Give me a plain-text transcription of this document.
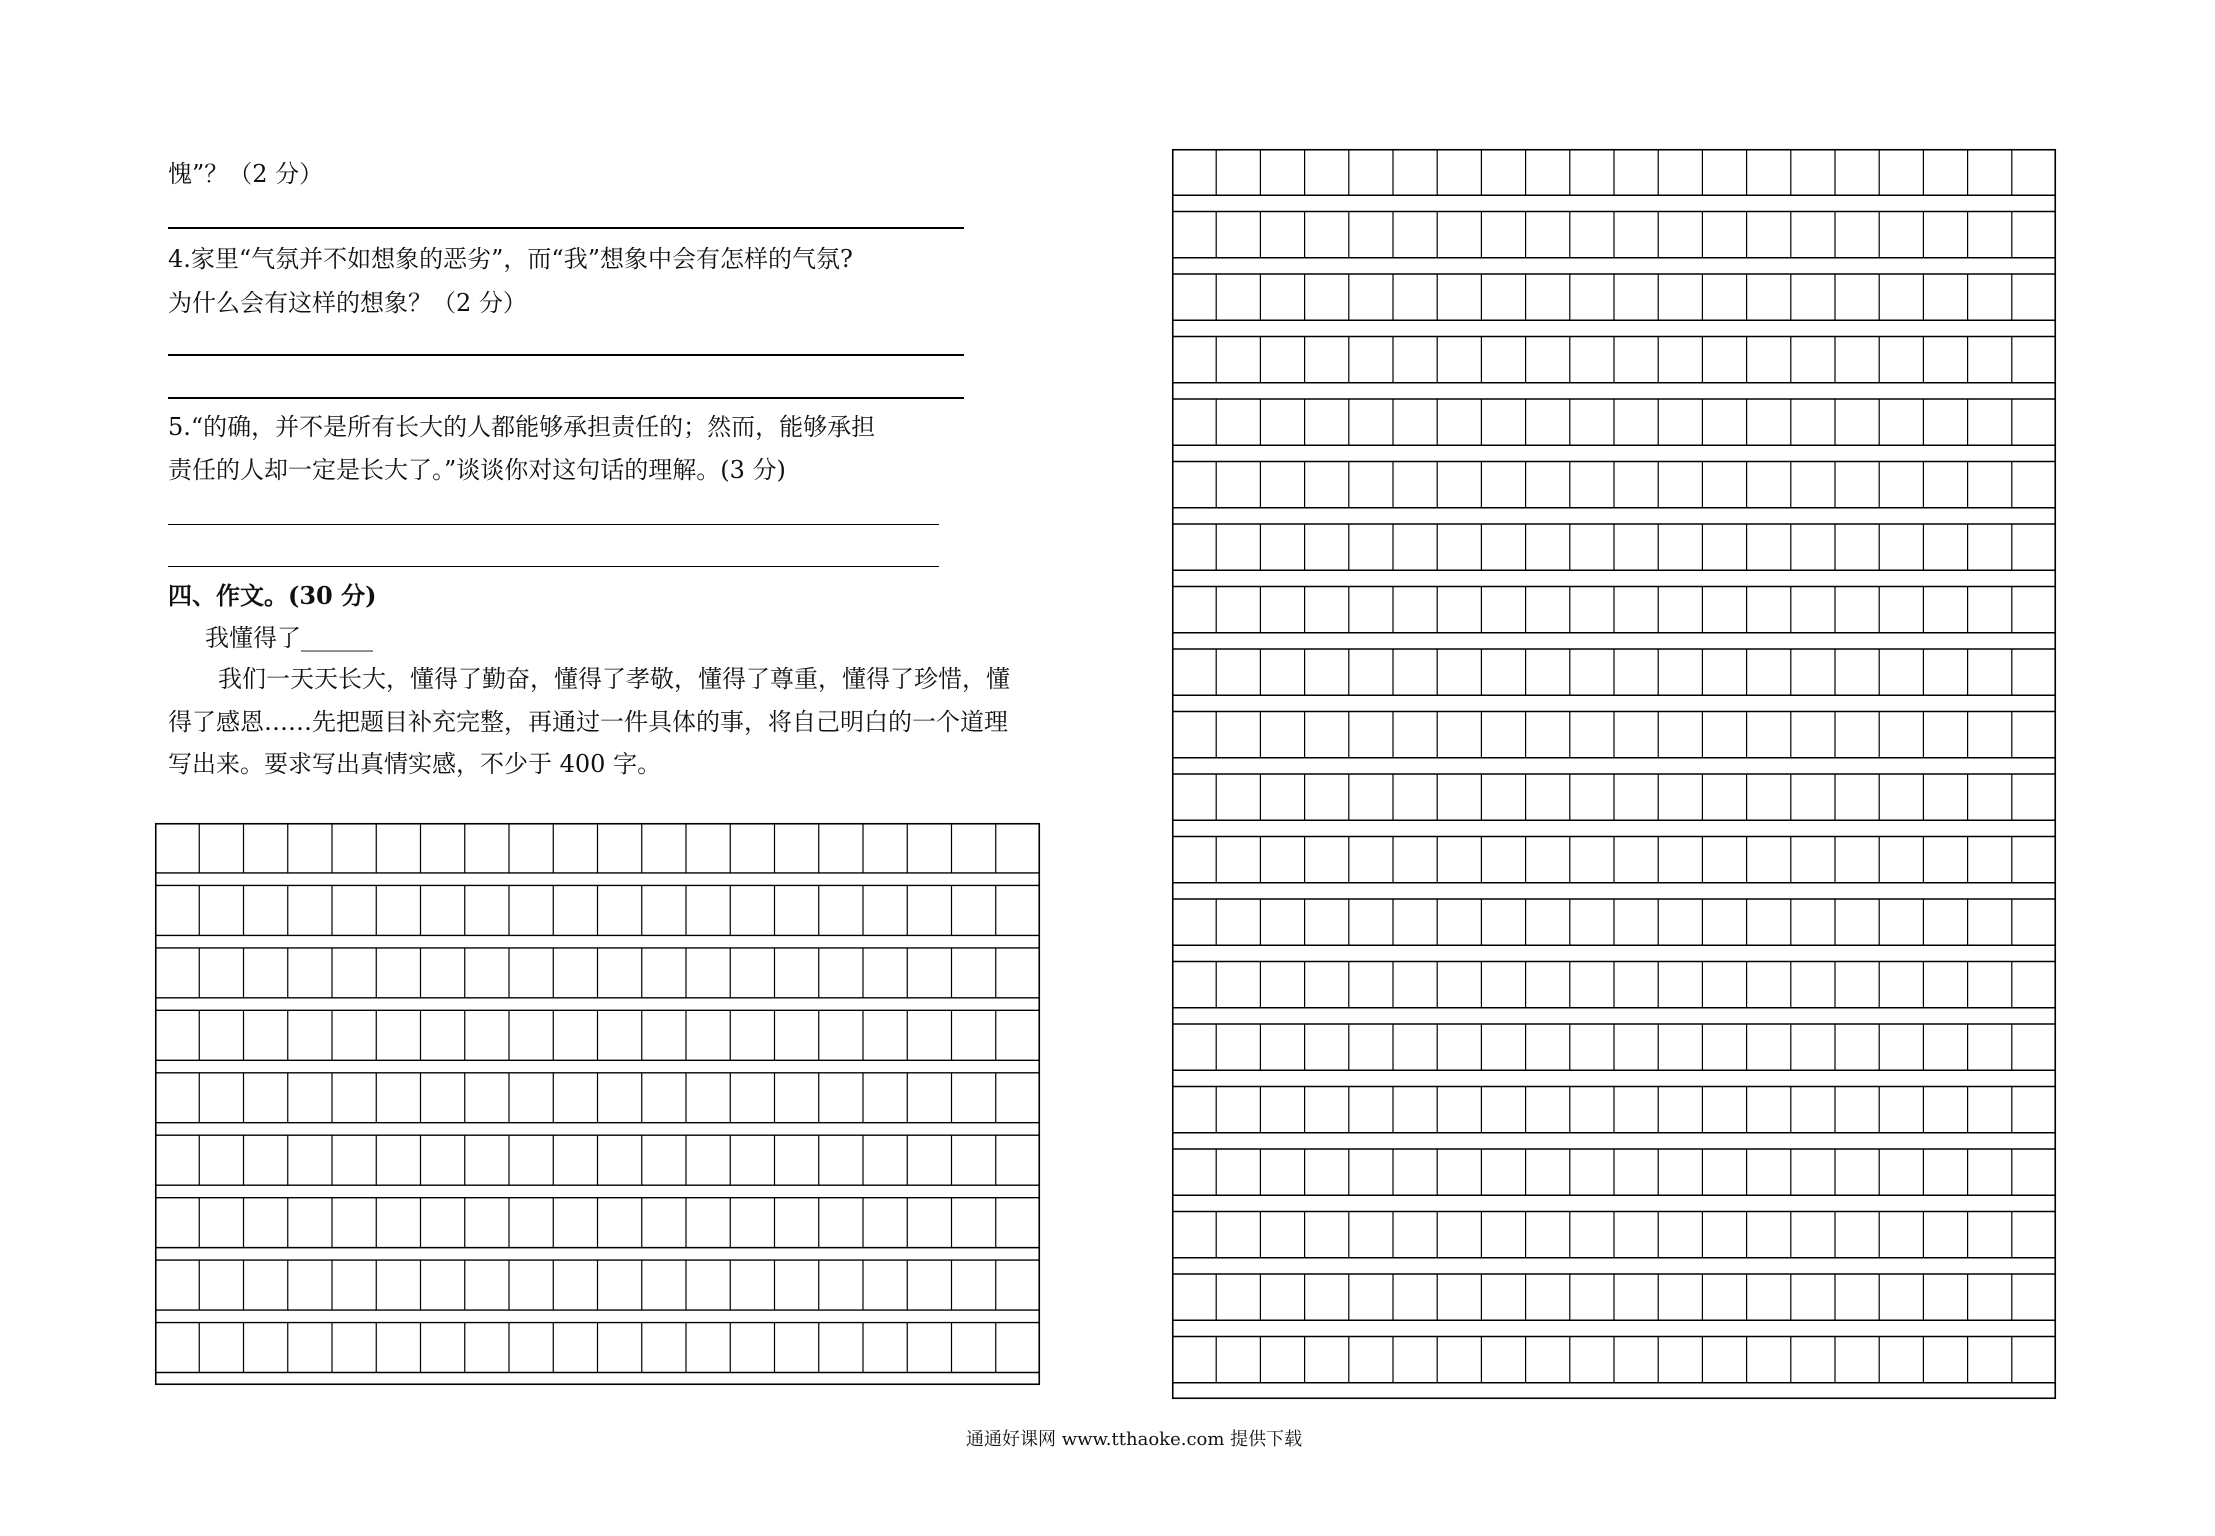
愧”？（2 分）
4.家里“气氛并不如想象的恶劣”，而“我”想象中会有怎样的气氛?
为什么会有这样的想象？（2 分）
5.“的确，并不是所有长大的人都能够承担责任的；然而，能够承担
责任的人却一定是长大了。”谈谈你对这句话的理解。(3 分)
四、作文。(30 分)
我懂得了______
我们一天天长大，懂得了勤奋，懂得了孝敬，懂得了尊重，懂得了珍惜，懂
得了感恩……先把题目补充完整，再通过一件具体的事，将自己明白的一个道理
写出来。要求写出真情实感，不少于 400 字。
通通好课网 www.tthaoke.com 提供下载
